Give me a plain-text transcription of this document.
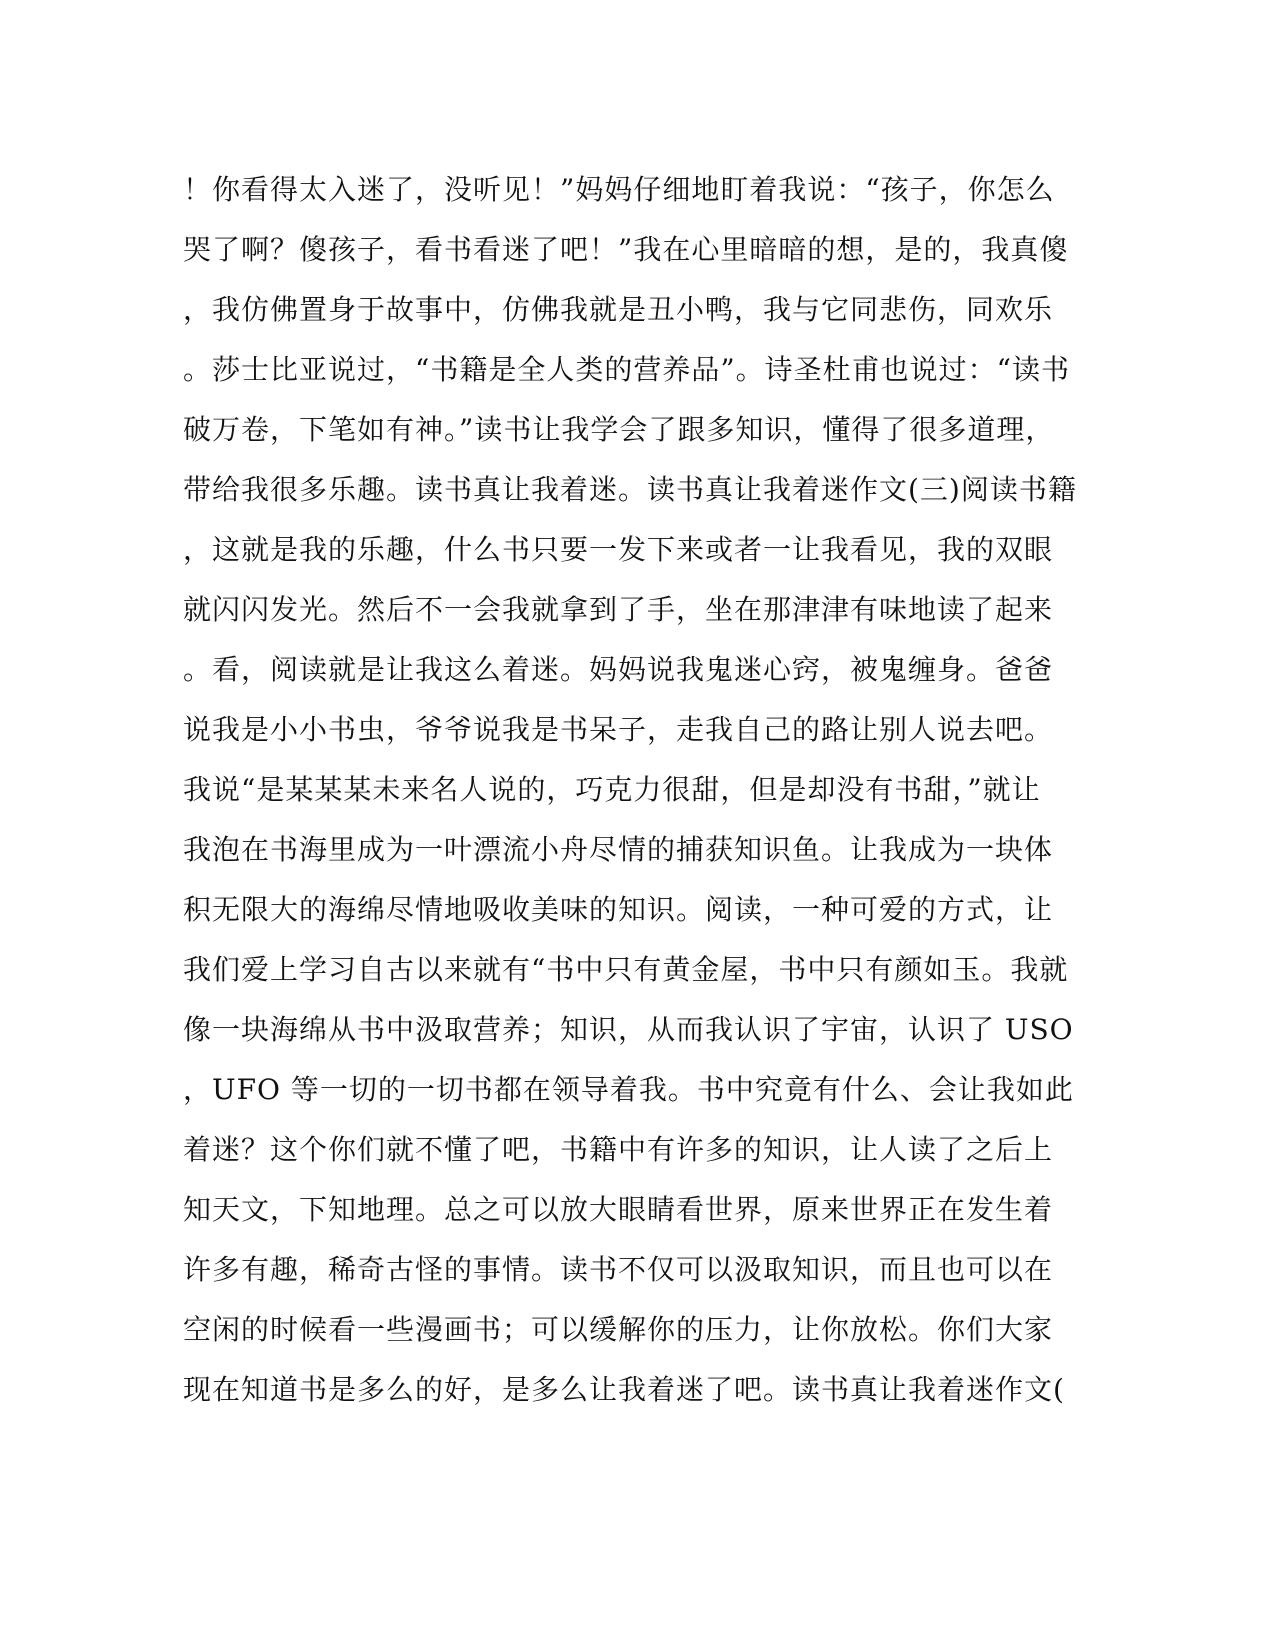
！你看得太入迷了，没听见！”妈妈仔细地盯着我说：“孩子，你怎么
哭了啊？傻孩子，看书看迷了吧！”我在心里暗暗的想，是的，我真傻
，我仿佛置身于故事中，仿佛我就是丑小鸭，我与它同悲伤，同欢乐
。莎士比亚说过，“书籍是全人类的营养品”。诗圣杜甫也说过：“读书
破万卷，下笔如有神。”读书让我学会了跟多知识，懂得了很多道理，
带给我很多乐趣。读书真让我着迷。读书真让我着迷作文(三)阅读书籍
，这就是我的乐趣，什么书只要一发下来或者一让我看见，我的双眼
就闪闪发光。然后不一会我就拿到了手，坐在那津津有味地读了起来
。看，阅读就是让我这么着迷。妈妈说我鬼迷心窍，被鬼缠身。爸爸
说我是小小书虫，爷爷说我是书呆子，走我自己的路让别人说去吧。
我说“是某某某未来名人说的，巧克力很甜，但是却没有书甜，”就让
我泡在书海里成为一叶漂流小舟尽情的捕获知识鱼。让我成为一块体
积无限大的海绵尽情地吸收美味的知识。阅读，一种可爱的方式，让
我们爱上学习自古以来就有“书中只有黄金屋，书中只有颜如玉。我就
像一块海绵从书中汲取营养；知识，从而我认识了宇宙，认识了 USO
，UFO 等一切的一切书都在领导着我。书中究竟有什么、会让我如此
着迷？这个你们就不懂了吧，书籍中有许多的知识，让人读了之后上
知天文，下知地理。总之可以放大眼睛看世界，原来世界正在发生着
许多有趣，稀奇古怪的事情。读书不仅可以汲取知识，而且也可以在
空闲的时候看一些漫画书；可以缓解你的压力，让你放松。你们大家
现在知道书是多么的好，是多么让我着迷了吧。读书真让我着迷作文(
